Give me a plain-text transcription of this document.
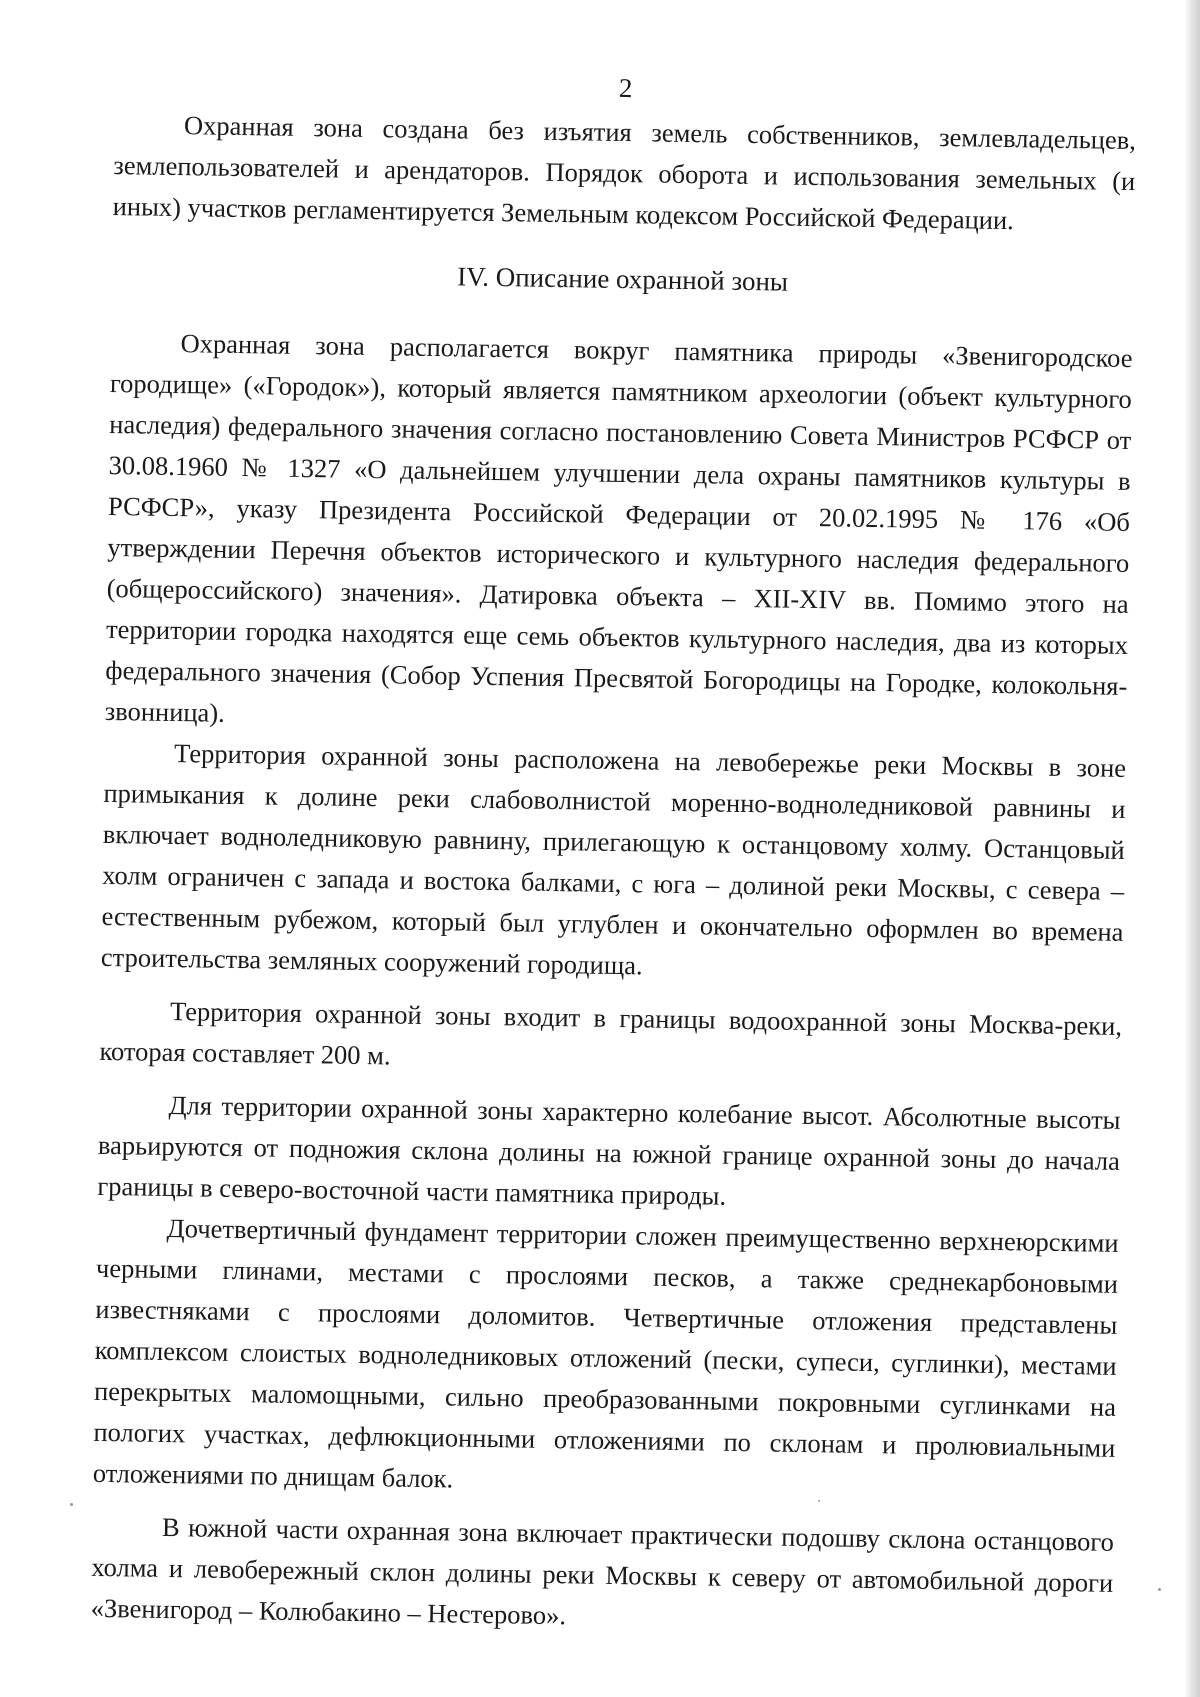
2

Охранная зона создана без изъятия земель собственников, землевладельцев, землепользователей и арендаторов. Порядок оборота и использования земельных (и иных) участков регламентируется Земельным кодексом Российской Федерации.

IV. Описание охранной зоны

Охранная зона располагается вокруг памятника природы «Звенигородское городище» («Городок»), который является памятником археологии (объект культурного наследия) федерального значения согласно постановлению Совета Министров РСФСР от 30.08.1960 № 1327 «О дальнейшем улучшении дела охраны памятников культуры в РСФСР», указу Президента Российской Федерации от 20.02.1995 № 176 «Об утверждении Перечня объектов исторического и культурного наследия федерального (общероссийского) значения». Датировка объекта – XII-XIV вв. Помимо этого на территории городка находятся еще семь объектов культурного наследия, два из которых федерального значения (Собор Успения Пресвятой Богородицы на Городке, колокольня-звонница).

Территория охранной зоны расположена на левобережье реки Москвы в зоне примыкания к долине реки слабоволнистой моренно-водноледниковой равнины и включает водноледниковую равнину, прилегающую к останцовому холму. Останцовый холм ограничен с запада и востока балками, с юга – долиной реки Москвы, с севера – естественным рубежом, который был углублен и окончательно оформлен во времена строительства земляных сооружений городища.

Территория охранной зоны входит в границы водоохранной зоны Москва-реки, которая составляет 200 м.

Для территории охранной зоны характерно колебание высот. Абсолютные высоты варьируются от подножия склона долины на южной границе охранной зоны до начала границы в северо-восточной части памятника природы.

Дочетвертичный фундамент территории сложен преимущественно верхнеюрскими черными глинами, местами с прослоями песков, а также среднекарбоновыми известняками с прослоями доломитов. Четвертичные отложения представлены комплексом слоистых водноледниковых отложений (пески, супеси, суглинки), местами перекрытых маломощными, сильно преобразованными покровными суглинками на пологих участках, дефлюкционными отложениями по склонам и пролювиальными отложениями по днищам балок.

В южной части охранная зона включает практически подошву склона останцового холма и левобережный склон долины реки Москвы к северу от автомобильной дороги «Звенигород – Колюбакино – Нестерово».
